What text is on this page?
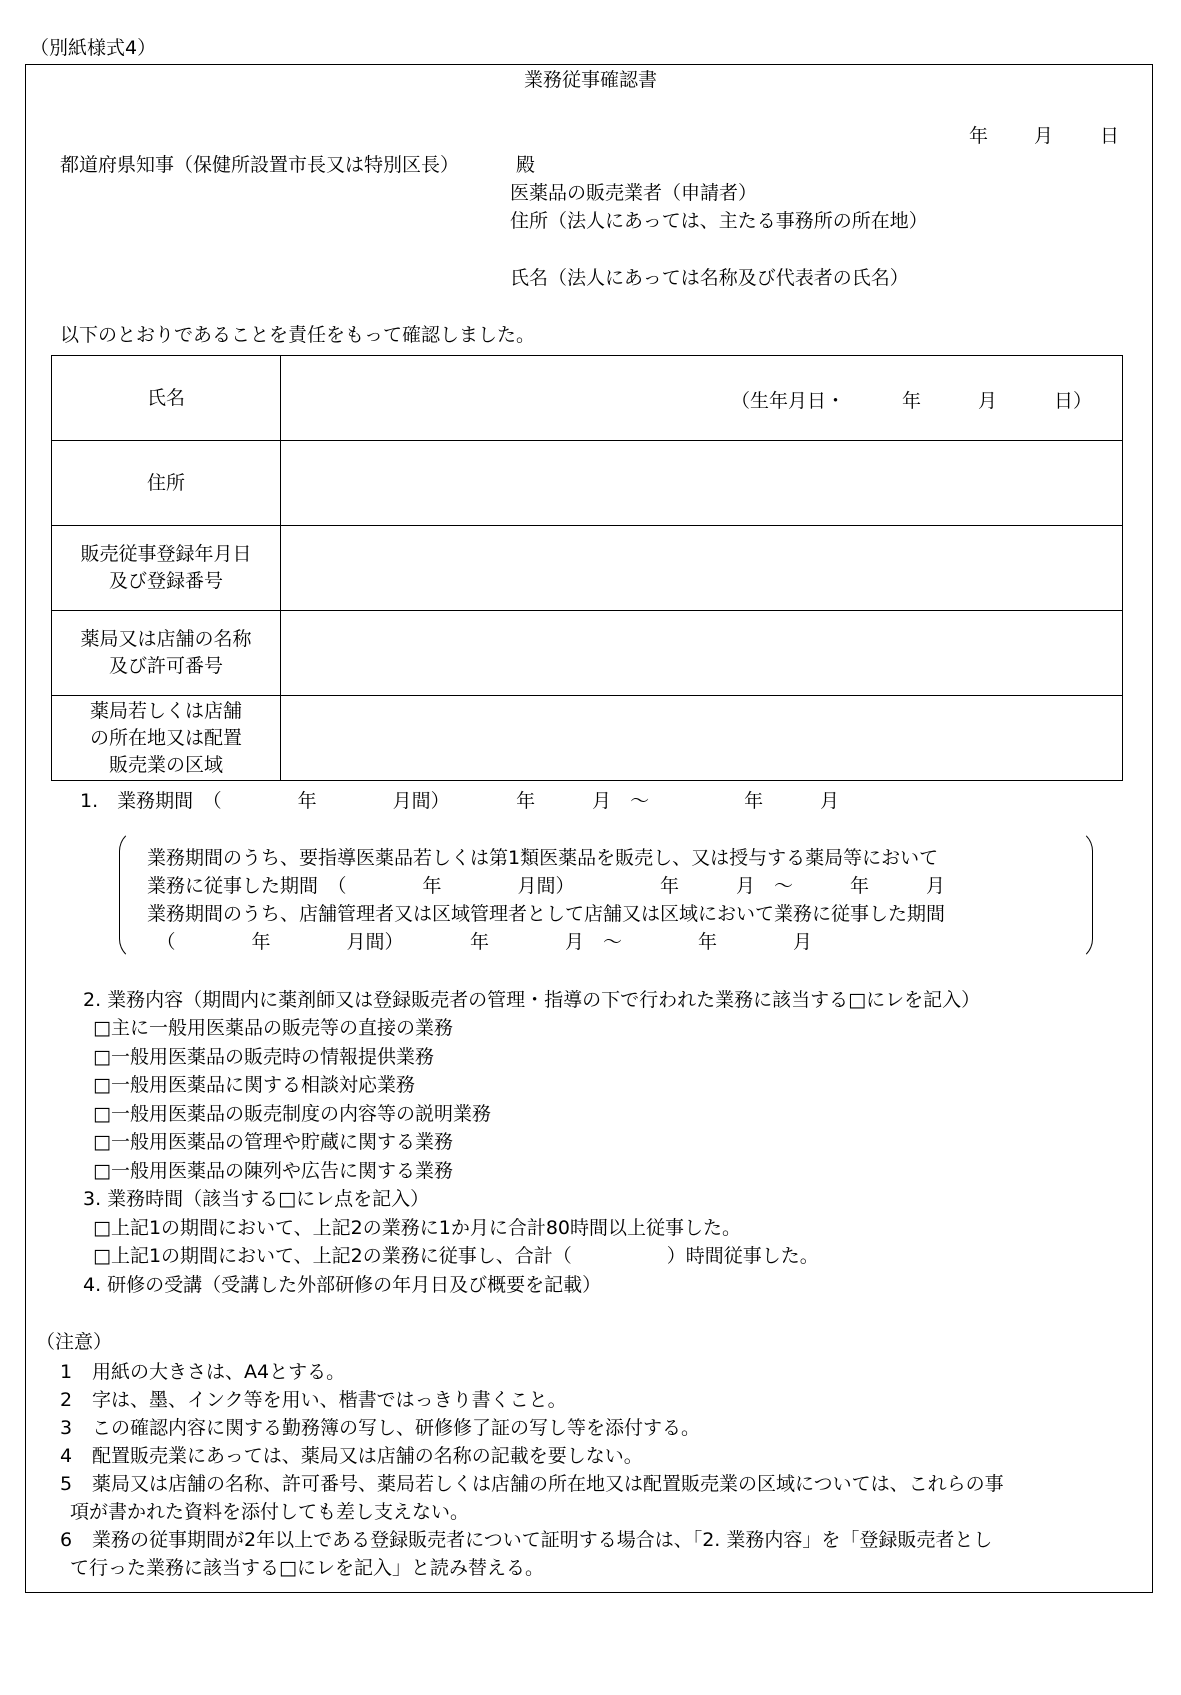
（別紙様式4）
業務従事確認書
年 月 日
都道府県知事（保健所設置市長又は特別区長）	殿
医薬品の販売業者（申請者）
住所（法人にあっては、主たる事務所の所在地）
氏名（法人にあっては名称及び代表者の氏名）
以下のとおりであることを責任をもって確認しました。
氏名	（生年月日・　　　年　　　月　　　日）

住所	

販売従事登録年月日
及び登録番号	

薬局又は店舗の名称
及び許可番号	

薬局若しくは店舗
の所在地又は配置
販売業の区域	

1.　業務期間　（　　　　年　　　　月間）　　　　年　　　月　～　　　　　年　　　月
業務期間のうち、要指導医薬品若しくは第1類医薬品を販売し、又は授与する薬局等において
業務に従事した期間　（　　　　年　　　　月間）　　　　　年　　　月　～　　　年　　　月
業務期間のうち、店舗管理者又は区域管理者として店舗又は区域において業務に従事した期間
　（　　　　年　　　　月間）　　　　年　　　　月　～　　　　年　　　　月
2. 業務内容（期間内に薬剤師又は登録販売者の管理・指導の下で行われた業務に該当する□にレを記入）
□主に一般用医薬品の販売等の直接の業務
□一般用医薬品の販売時の情報提供業務
□一般用医薬品に関する相談対応業務
□一般用医薬品の販売制度の内容等の説明業務
□一般用医薬品の管理や貯蔵に関する業務
□一般用医薬品の陳列や広告に関する業務
3. 業務時間（該当する□にレ点を記入）
□上記1の期間において、上記2の業務に1か月に合計80時間以上従事した。
□上記1の期間において、上記2の業務に従事し、合計（　　　　　）時間従事した。
4. 研修の受講（受講した外部研修の年月日及び概要を記載）
（注意）
1 用紙の大きさは、A4とする。
2 字は、墨、インク等を用い、楷書ではっきり書くこと。
3 この確認内容に関する勤務簿の写し、研修修了証の写し等を添付する。
4 配置販売業にあっては、薬局又は店舗の名称の記載を要しない。
5 薬局又は店舗の名称、許可番号、薬局若しくは店舗の所在地又は配置販売業の区域については、これらの事
項が書かれた資料を添付しても差し支えない。
6 業務の従事期間が2年以上である登録販売者について証明する場合は、「2. 業務内容」を「登録販売者とし
て行った業務に該当する□にレを記入」と読み替える。
